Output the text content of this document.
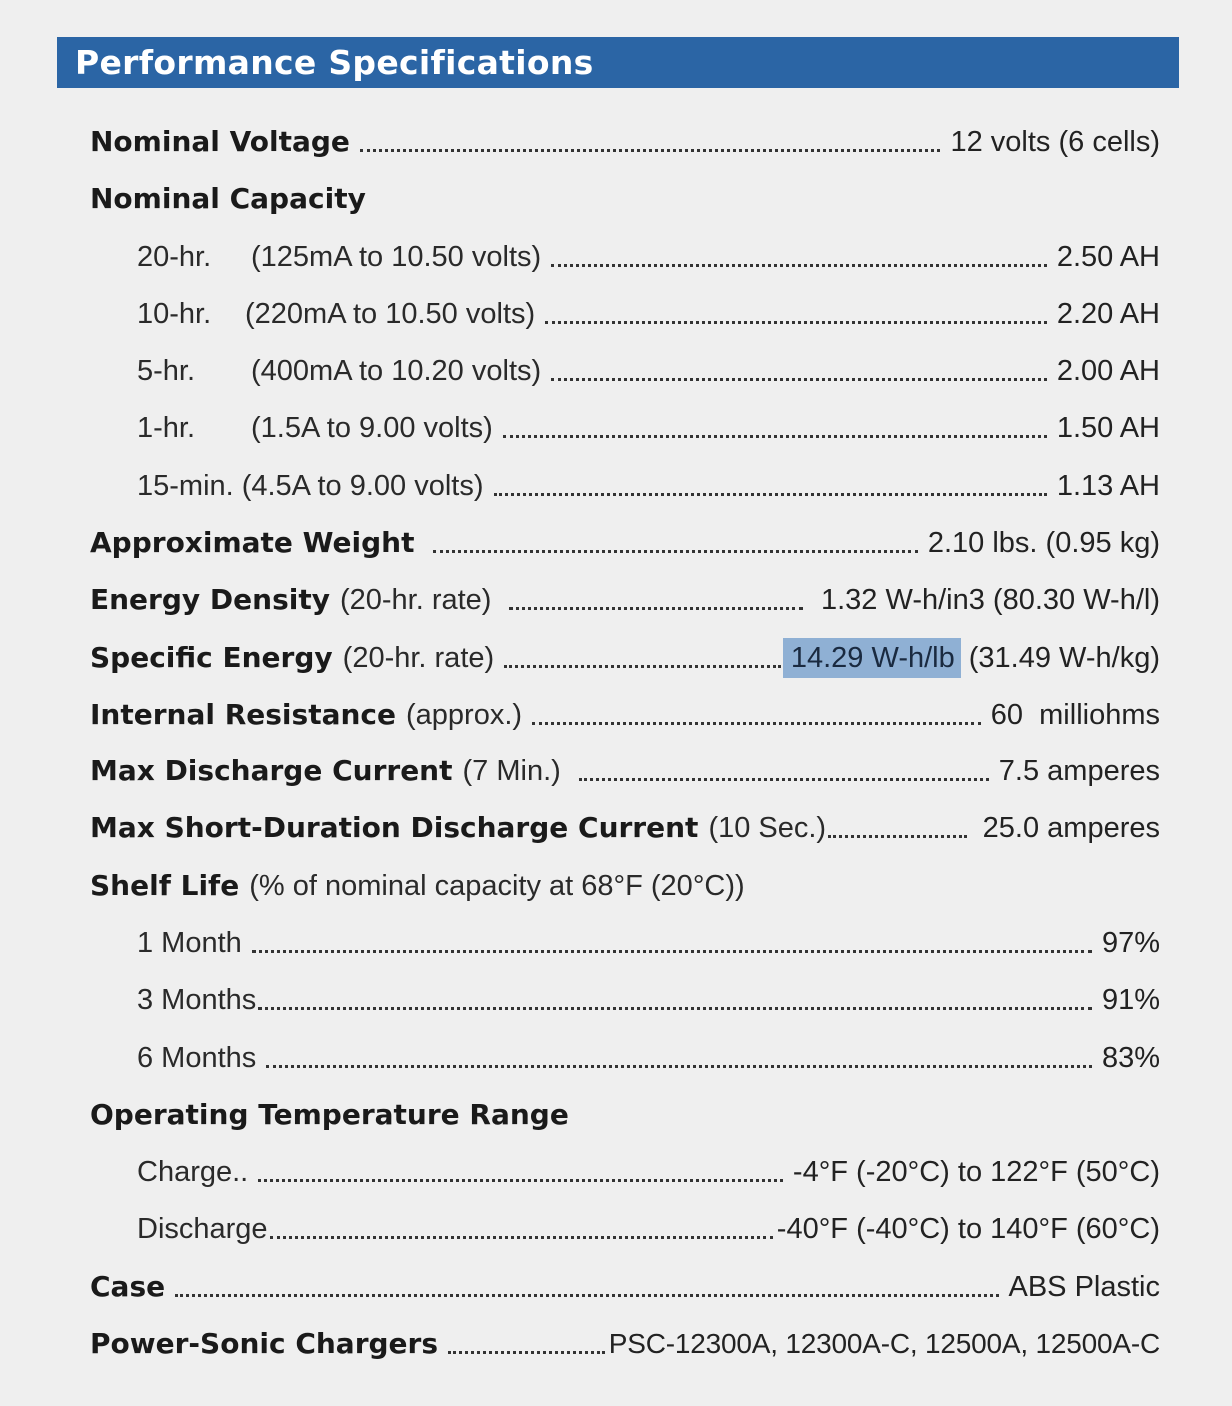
Performance Specifications
Nominal Voltage	12 volts (6 cells)
Nominal Capacity
20-hr.	(125mA to 10.50 volts)	2.50 AH
10-hr.	(220mA to 10.50 volts)	2.20 AH
5-hr.	(400mA to 10.20 volts)	2.00 AH
1-hr.	(1.5A to 9.00 volts)	1.50 AH
15-min. (4.5A to 9.00 volts)	1.13 AH
Approximate Weight	2.10 lbs. (0.95 kg)
Energy Density (20-hr. rate)	1.32 W-h/in3 (80.30 W-h/l)
Specific Energy (20-hr. rate)	14.29 W-h/lb (31.49 W-h/kg)
Internal Resistance (approx.)	60  milliohms
Max Discharge Current (7 Min.)	7.5 amperes
Max Short-Duration Discharge Current (10 Sec.)	25.0 amperes
Shelf Life (% of nominal capacity at 68°F (20°C))
1 Month	97%
3 Months	91%
6 Months	83%
Operating Temperature Range
Charge..	-4°F (-20°C) to 122°F (50°C)
Discharge	-40°F (-40°C) to 140°F (60°C)
Case	ABS Plastic
Power-Sonic Chargers	PSC-12300A, 12300A-C, 12500A, 12500A-C
